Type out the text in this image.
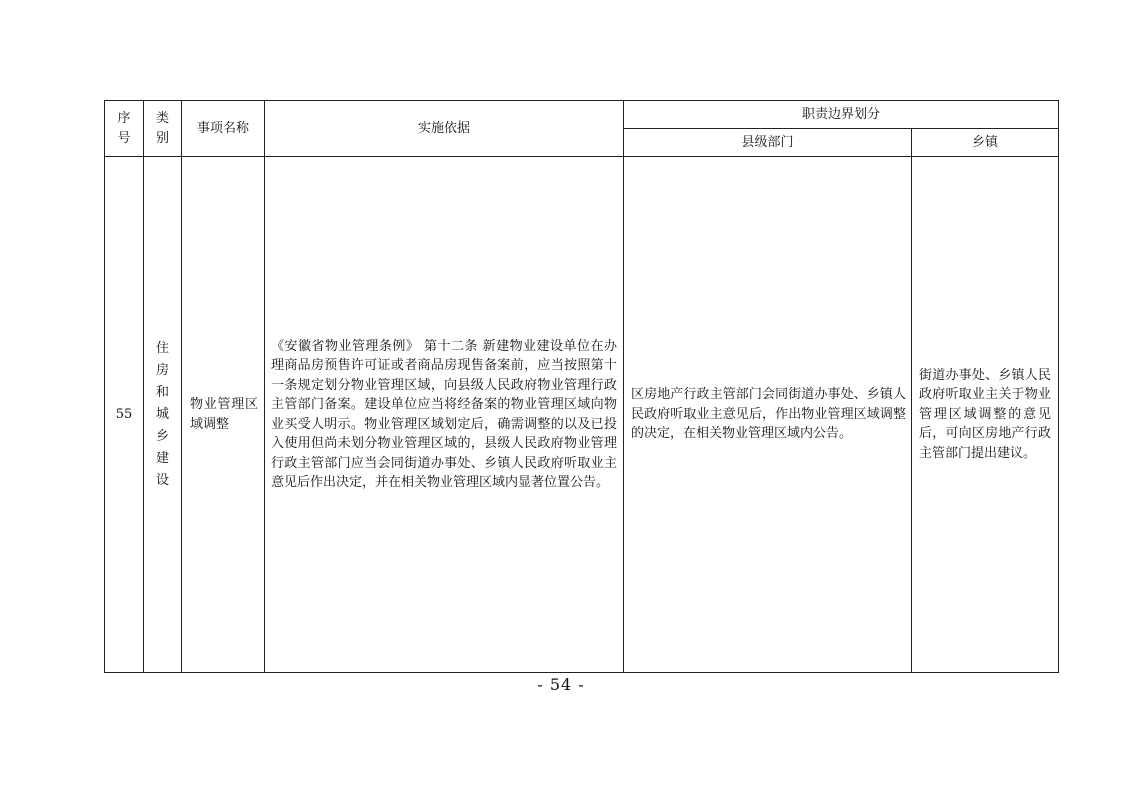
序号	类别	事项名称	实施依据	职责边界划分	
				县级部门	乡镇
55	住房和城乡建设	物业管理区域调整	《安徽省物业管理条例》 第十二条 新建物业建设单位在办理商品房预售许可证或者商品房现售备案前，应当按照第十一条规定划分物业管理区域，向县级人民政府物业管理行政主管部门备案。建设单位应当将经备案的物业管理区域向物业买受人明示。物业管理区域划定后，确需调整的以及已投入使用但尚未划分物业管理区域的，县级人民政府物业管理行政主管部门应当会同街道办事处、乡镇人民政府听取业主意见后作出决定，并在相关物业管理区域内显著位置公告。	区房地产行政主管部门会同街道办事处、乡镇人民政府听取业主意见后，作出物业管理区域调整的决定，在相关物业管理区域内公告。	街道办事处、乡镇人民政府听取业主关于物业管理区域调整的意见后，可向区房地产行政主管部门提出建议。
- 54 -
